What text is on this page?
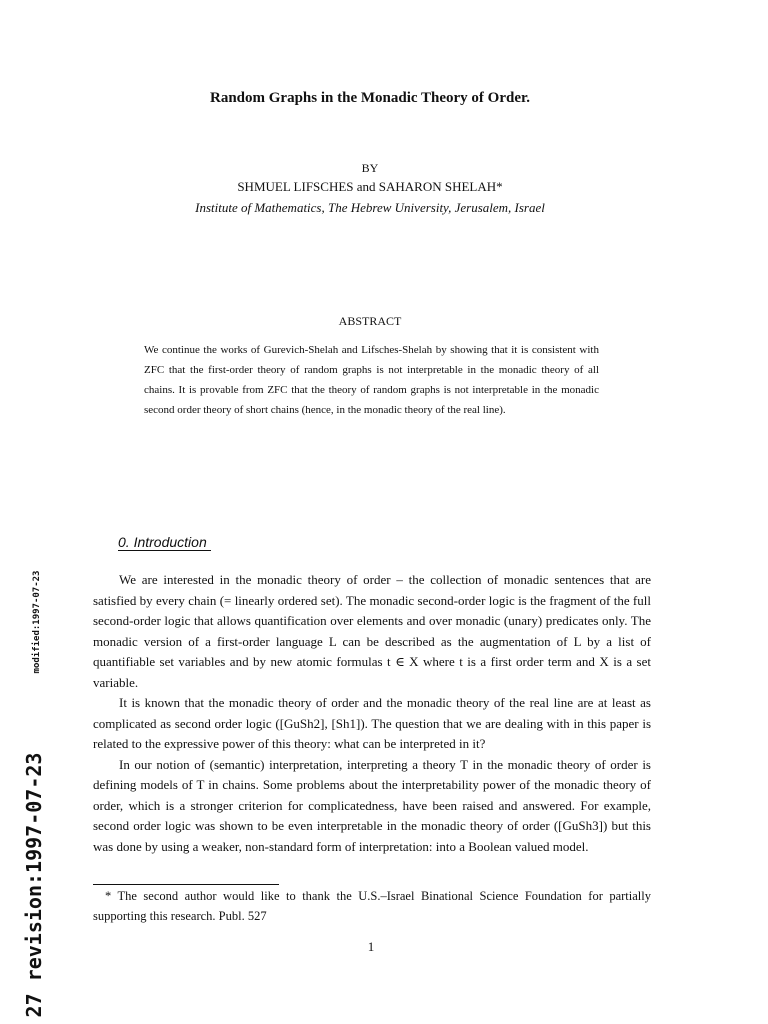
Random Graphs in the Monadic Theory of Order.
BY
SHMUEL LIFSCHES and SAHARON SHELAH*
Institute of Mathematics, The Hebrew University, Jerusalem, Israel
ABSTRACT
We continue the works of Gurevich-Shelah and Lifsches-Shelah by showing that it is consistent with ZFC that the first-order theory of random graphs is not interpretable in the monadic theory of all chains. It is provable from ZFC that the theory of random graphs is not interpretable in the monadic second order theory of short chains (hence, in the monadic theory of the real line).
0. Introduction

We are interested in the monadic theory of order – the collection of monadic sentences that are satisfied by every chain (= linearly ordered set). The monadic second-order logic is the fragment of the full second-order logic that allows quantification over elements and over monadic (unary) predicates only. The monadic version of a first-order language L can be described as the augmentation of L by a list of quantifiable set variables and by new atomic formulas t ∈ X where t is a first order term and X is a set variable.

It is known that the monadic theory of order and the monadic theory of the real line are at least as complicated as second order logic ([GuSh2], [Sh1]). The question that we are dealing with in this paper is related to the expressive power of this theory: what can be interpreted in it?

In our notion of (semantic) interpretation, interpreting a theory T in the monadic theory of order is defining models of T in chains. Some problems about the interpretability power of the monadic theory of order, which is a stronger criterion for complicatedness, have been raised and answered. For example, second order logic was shown to be even interpretable in the monadic theory of order ([GuSh3]) but this was done by using a weaker, non-standard form of interpretation: into a Boolean valued model.

* The second author would like to thank the U.S.–Israel Binational Science Foundation for partially supporting this research. Publ. 527
1
modified:1997-07-23
27 revision:1997-07-23
